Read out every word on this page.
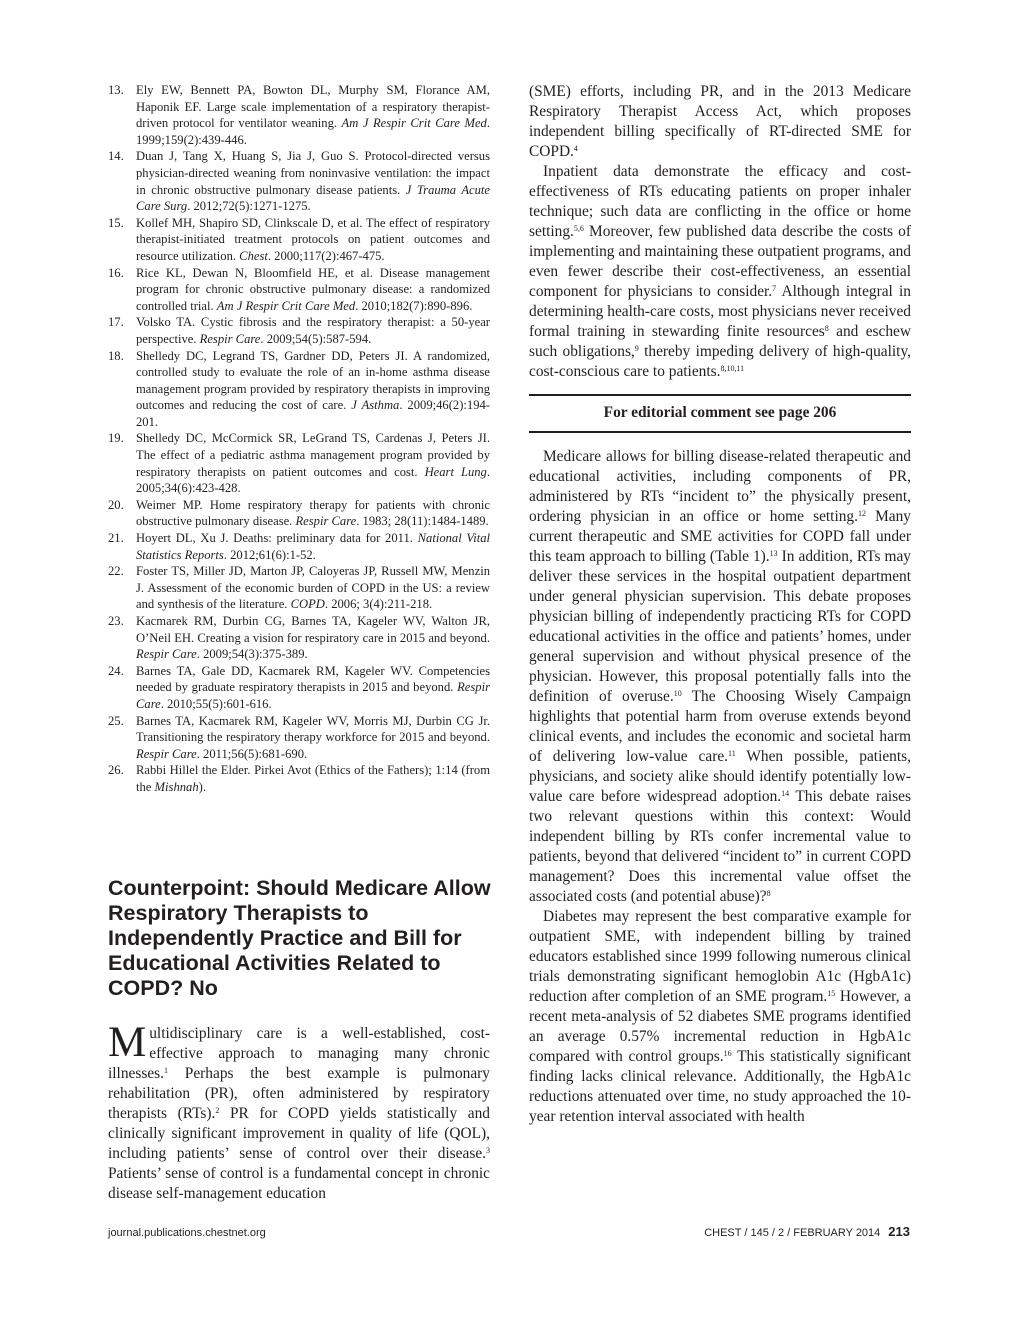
13. Ely EW, Bennett PA, Bowton DL, Murphy SM, Florance AM, Haponik EF. Large scale implementation of a respiratory therapist-driven protocol for ventilator weaning. Am J Respir Crit Care Med. 1999;159(2):439-446.
14. Duan J, Tang X, Huang S, Jia J, Guo S. Protocol-directed versus physician-directed weaning from noninvasive ventilation: the impact in chronic obstructive pulmonary disease patients. J Trauma Acute Care Surg. 2012;72(5):1271-1275.
15. Kollef MH, Shapiro SD, Clinkscale D, et al. The effect of respiratory therapist-initiated treatment protocols on patient outcomes and resource utilization. Chest. 2000;117(2):467-475.
16. Rice KL, Dewan N, Bloomfield HE, et al. Disease management program for chronic obstructive pulmonary disease: a randomized controlled trial. Am J Respir Crit Care Med. 2010;182(7):890-896.
17. Volsko TA. Cystic fibrosis and the respiratory therapist: a 50-year perspective. Respir Care. 2009;54(5):587-594.
18. Shelledy DC, Legrand TS, Gardner DD, Peters JI. A randomized, controlled study to evaluate the role of an in-home asthma disease management program provided by respiratory therapists in improving outcomes and reducing the cost of care. J Asthma. 2009;46(2):194-201.
19. Shelledy DC, McCormick SR, LeGrand TS, Cardenas J, Peters JI. The effect of a pediatric asthma management program provided by respiratory therapists on patient outcomes and cost. Heart Lung. 2005;34(6):423-428.
20. Weimer MP. Home respiratory therapy for patients with chronic obstructive pulmonary disease. Respir Care. 1983; 28(11):1484-1489.
21. Hoyert DL, Xu J. Deaths: preliminary data for 2011. National Vital Statistics Reports. 2012;61(6):1-52.
22. Foster TS, Miller JD, Marton JP, Caloyeras JP, Russell MW, Menzin J. Assessment of the economic burden of COPD in the US: a review and synthesis of the literature. COPD. 2006; 3(4):211-218.
23. Kacmarek RM, Durbin CG, Barnes TA, Kageler WV, Walton JR, O’Neil EH. Creating a vision for respiratory care in 2015 and beyond. Respir Care. 2009;54(3):375-389.
24. Barnes TA, Gale DD, Kacmarek RM, Kageler WV. Competencies needed by graduate respiratory therapists in 2015 and beyond. Respir Care. 2010;55(5):601-616.
25. Barnes TA, Kacmarek RM, Kageler WV, Morris MJ, Durbin CG Jr. Transitioning the respiratory therapy workforce for 2015 and beyond. Respir Care. 2011;56(5):681-690.
26. Rabbi Hillel the Elder. Pirkei Avot (Ethics of the Fathers); 1:14 (from the Mishnah).
Counterpoint: Should Medicare Allow Respiratory Therapists to Independently Practice and Bill for Educational Activities Related to COPD? No

Multidisciplinary care is a well-established, cost-effective approach to managing many chronic illnesses.$^1$ Perhaps the best example is pulmonary rehabilitation (PR), often administered by respiratory therapists (RTs).$^2$ PR for COPD yields statistically and clinically significant improvement in quality of life (QOL), including patients’ sense of control over their disease.$^3$ Patients’ sense of control is a fundamental concept in chronic disease self-management education

(SME) efforts, including PR, and in the 2013 Medicare Respiratory Therapist Access Act, which proposes independent billing specifically of RT-directed SME for COPD.$^4$

Inpatient data demonstrate the efficacy and cost-effectiveness of RTs educating patients on proper inhaler technique; such data are conflicting in the office or home setting.$^{5,6}$ Moreover, few published data describe the costs of implementing and maintaining these outpatient programs, and even fewer describe their cost-effectiveness, an essential component for physicians to consider.$^7$ Although integral in determining health-care costs, most physicians never received formal training in stewarding finite resources$^8$ and eschew such obligations,$^9$ thereby impeding delivery of high-quality, cost-conscious care to patients.$^{8,10,11}$

For editorial comment see page 206

Medicare allows for billing disease-related therapeutic and educational activities, including components of PR, administered by RTs “incident to” the physically present, ordering physician in an office or home setting.$^{12}$ Many current therapeutic and SME activities for COPD fall under this team approach to billing (Table 1).$^{13}$ In addition, RTs may deliver these services in the hospital outpatient department under general physician supervision. This debate proposes physician billing of independently practicing RTs for COPD educational activities in the office and patients’ homes, under general supervision and without physical presence of the physician. However, this proposal potentially falls into the definition of overuse.$^{10}$ The Choosing Wisely Campaign highlights that potential harm from overuse extends beyond clinical events, and includes the economic and societal harm of delivering low-value care.$^{11}$ When possible, patients, physicians, and society alike should identify potentially low-value care before widespread adoption.$^{14}$ This debate raises two relevant questions within this context: Would independent billing by RTs confer incremental value to patients, beyond that delivered “incident to” in current COPD management? Does this incremental value offset the associated costs (and potential abuse)?$^8$

Diabetes may represent the best comparative example for outpatient SME, with independent billing by trained educators established since 1999 following numerous clinical trials demonstrating significant hemoglobin A1c (HgbA1c) reduction after completion of an SME program.$^{15}$ However, a recent meta-analysis of 52 diabetes SME programs identified an average 0.57% incremental reduction in HgbA1c compared with control groups.$^{16}$ This statistically significant finding lacks clinical relevance. Additionally, the HgbA1c reductions attenuated over time, no study approached the 10-year retention interval associated with health

journal.publications.chestnet.org	CHEST / 145 / 2 / FEBRUARY 2014 213
